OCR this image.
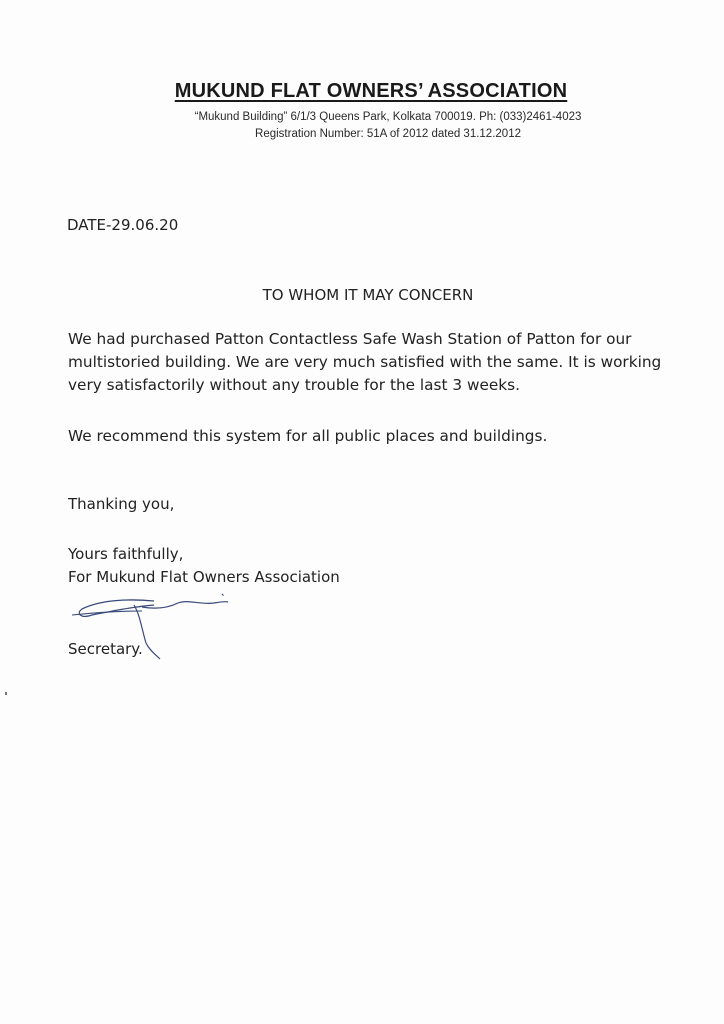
MUKUND FLAT OWNERS’ ASSOCIATION
“Mukund Building” 6/1/3 Queens Park, Kolkata 700019. Ph: (033)2461-4023
Registration Number: 51A of 2012 dated 31.12.2012
DATE-29.06.20
TO WHOM IT MAY CONCERN
We had purchased Patton Contactless Safe Wash Station of Patton for our multistoried building. We are very much satisfied with the same. It is working very satisfactorily without any trouble for the last 3 weeks.
We recommend this system for all public places and buildings.
Thanking you,
Yours faithfully,
For Mukund Flat Owners Association
Secretary.
